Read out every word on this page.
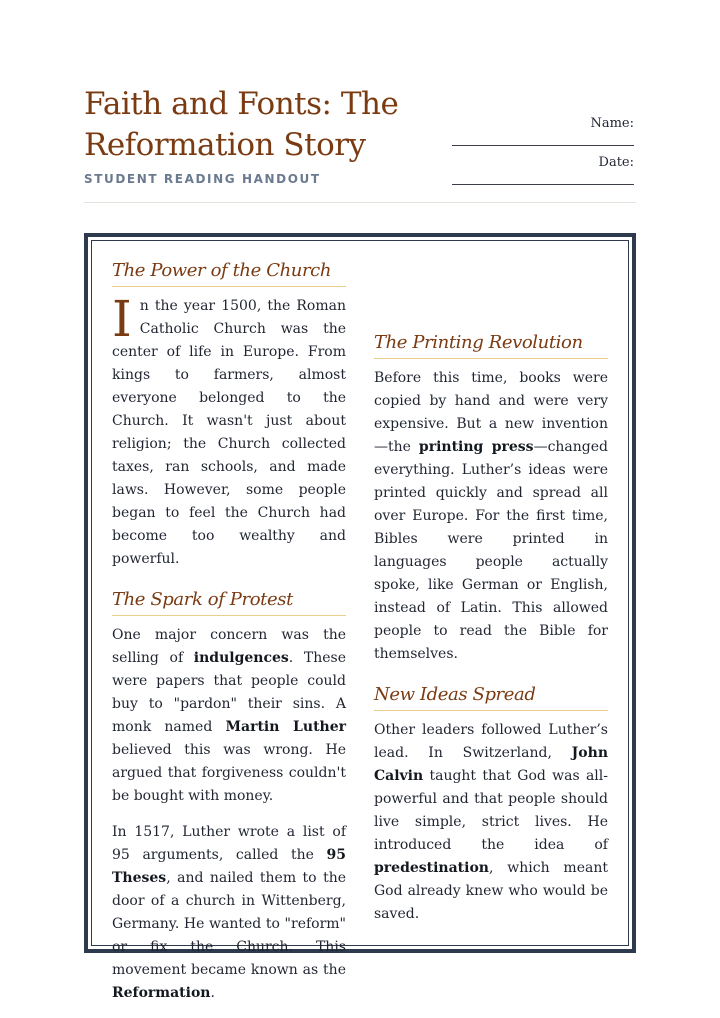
Faith and Fonts: The Reformation Story
STUDENT READING HANDOUT
Name:
Date:
The Power of the Church

In the year 1500, the Roman Catholic Church was the center of life in Europe. From kings to farmers, almost everyone belonged to the Church. It wasn't just about religion; the Church collected taxes, ran schools, and made laws. However, some people began to feel the Church had become too wealthy and powerful.

The Spark of Protest

One major concern was the selling of indulgences. These were papers that people could buy to "pardon" their sins. A monk named Martin Luther believed this was wrong. He argued that forgiveness couldn't be bought with money.

In 1517, Luther wrote a list of 95 arguments, called the 95 Theses, and nailed them to the door of a church in Wittenberg, Germany. He wanted to "reform" or fix the Church. This movement became known as the Reformation.

The Printing Revolution

Before this time, books were copied by hand and were very expensive. But a new invention—the printing press—changed everything. Luther’s ideas were printed quickly and spread all over Europe. For the first time, Bibles were printed in languages people actually spoke, like German or English, instead of Latin. This allowed people to read the Bible for themselves.

New Ideas Spread

Other leaders followed Luther’s lead. In Switzerland, John Calvin taught that God was all-powerful and that people should live simple, strict lives. He introduced the idea of predestination, which meant God already knew who would be saved.
